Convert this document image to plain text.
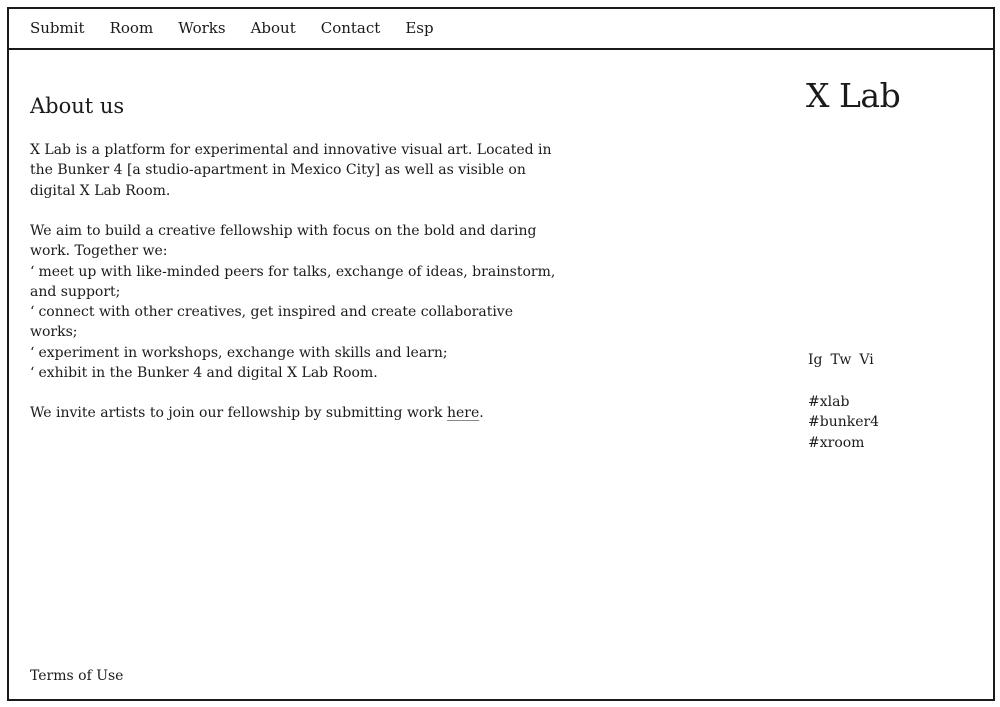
Submit Room Works About Contact Esp
About us

X Lab is a platform for experimental and innovative visual art. Located in the Bunker 4 [a studio-apartment in Mexico City] as well as visible on digital X Lab Room.

We aim to build a creative fellowship with focus on the bold and daring work. Together we:
‘ meet up with like-minded peers for talks, exchange of ideas, brainstorm, and support;
‘ connect with other creatives, get inspired and create collaborative works;
‘ experiment in workshops, exchange with skills and learn;
‘ exhibit in the Bunker 4 and digital X Lab Room.

We invite artists to join our fellowship by submitting work here.

X Lab
Ig Tw Vi
#xlab
#bunker4
#xroom
Terms of Use
